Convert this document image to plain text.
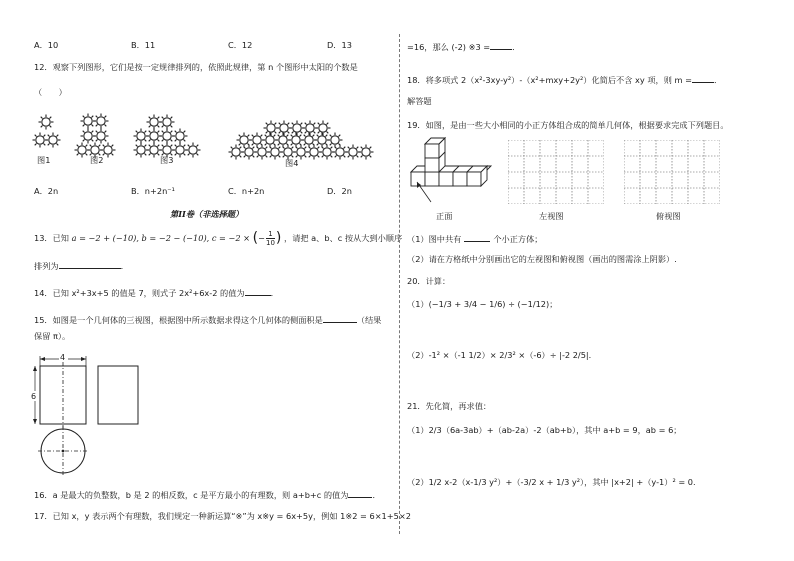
A．10	B．11	C．12	D．13
12．观察下列图形，它们是按一定规律排列的，依照此规律，第 n 个图形中太阳的个数是
（　　）
图1	图2	图3	图4
A．2n	B．n+2n⁻¹	C．n+2n	D．2n
第II卷（非选择题）
13．已知 a = −2 + (−10), b = −2 − (−10), c = −2 × (− $\frac{1}{10}$ ) ，请把 a、b、c 按从大到小顺序
排列为	.
14．已知 x²+3x+5 的值是 7，则式子 2x²+6x-2 的值为	．
15．如图是一个几何体的三视图，根据图中所示数据求得这个几何体的侧面积是	（结果
保留 π）。
4
6
16．a 是最大的负整数，b 是 2 的相反数，c 是平方最小的有理数，则 a+b+c 的值为	．
17．已知 x，y 表示两个有理数，我们规定一种新运算“※”为 x※y = 6x+5y，例如 1※2 = 6×1+5×2
=16，那么 (-2) ※3 =	．
18．将多项式 2（x²-3xy-y²）-（x²+mxy+2y²）化简后不含 xy 项，则 m =	．
解答题
19．如图，是由一些大小相同的小正方体组合成的简单几何体，根据要求完成下列题目。
正面	左视图	俯视图
（1）图中共有	个小正方体；
（2）请在方格纸中分别画出它的左视图和俯视图（画出的图需涂上阴影）.
20．计算：
（1）(−1/3 + 3/4 − 1/6) ÷ (−1/12)；
（2）-1² ×（-1 1/2）× 2/3² ×（-6）÷ |-2 2/5|.
21．先化简，再求值：
（1）2/3（6a-3ab）+（ab-2a）-2（ab+b），其中 a+b = 9，ab = 6；
（2）1/2 x-2（x-1/3 y²）+（-3/2 x + 1/3 y²），其中 |x+2| +（y-1）² = 0.
